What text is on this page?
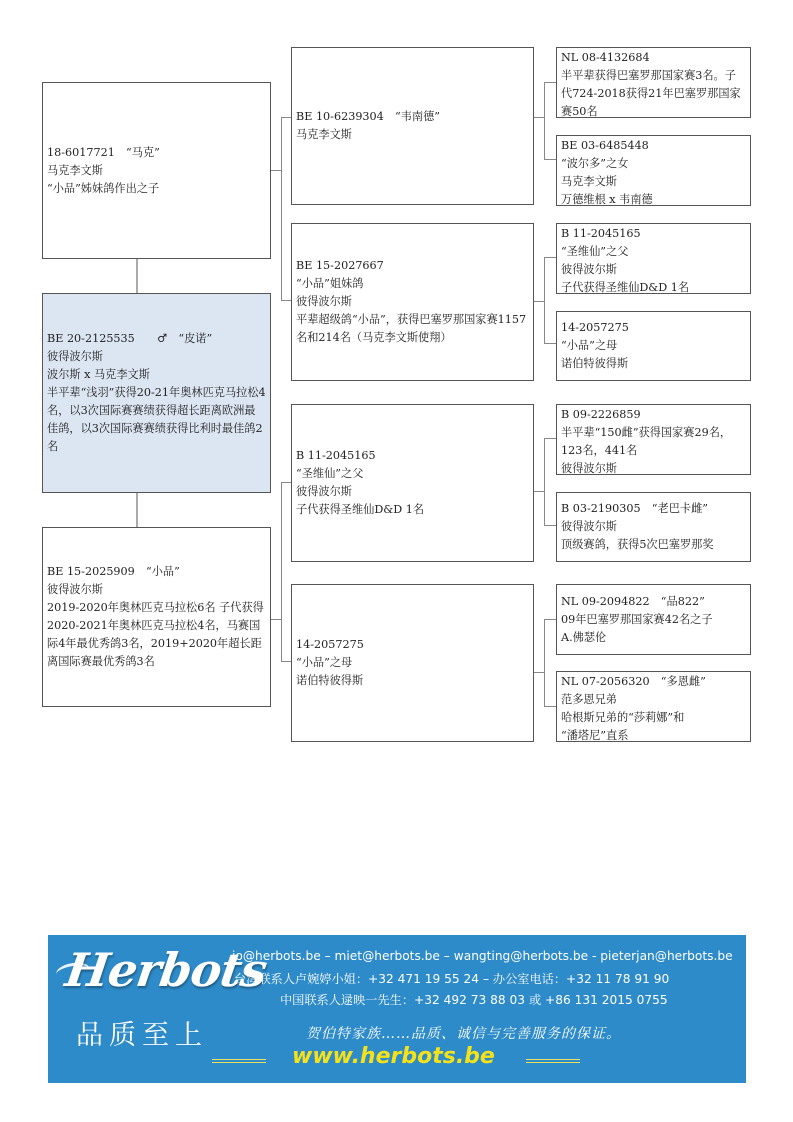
18-6017721　“马克”
马克李文斯
“小品”姊妹鸽作出之子
BE 20-2125535　　♂　“皮诺”
彼得波尔斯
波尔斯 x 马克李文斯
半平辈“浅羽”获得20-21年奥林匹克马拉松4名，以3次国际赛赛绩获得超长距离欧洲最佳鸽，以3次国际赛赛绩获得比利时最佳鸽2名
BE 15-2025909　“小品”
彼得波尔斯
2019-2020年奥林匹克马拉松6名 子代获得2020-2021年奥林匹克马拉松4名，马赛国际4年最优秀鸽3名，2019+2020年超长距离国际赛最优秀鸽3名
BE 10-6239304　“韦南德”
马克李文斯
BE 15-2027667
“小品”姐妹鸽
彼得波尔斯
平辈超级鸽“小品”，获得巴塞罗那国家赛1157名和214名（马克李文斯使翔）
B 11-2045165
“圣维仙”之父
彼得波尔斯
子代获得圣维仙D&D 1名
14-2057275
“小品”之母
诺伯特彼得斯
NL 08-4132684
半平辈获得巴塞罗那国家赛3名。子代724-2018获得21年巴塞罗那国家赛50名
BE 03-6485448
“波尔多”之女
马克李文斯
万德维根 x 韦南德
B 11-2045165
“圣维仙”之父
彼得波尔斯
子代获得圣维仙D&D 1名
14-2057275
“小品”之母
诺伯特彼得斯
B 09-2226859
半平辈“150雌”获得国家赛29名，123名，441名
彼得波尔斯
B 03-2190305　“老巴卡雌”
彼得波尔斯
顶级赛鸽，获得5次巴塞罗那奖
NL 09-2094822　“品822”
09年巴塞罗那国家赛42名之子
A.佛瑟伦
NL 07-2056320　“多恩雌”
范多恩兄弟
哈根斯兄弟的“莎莉娜”和
“潘塔尼”直系
Herbots
品质至上
jo@herbots.be – miet@herbots.be – wangting@herbots.be - pieterjan@herbots.be
台湾联系人卢婉婷小姐：+32 471 19 55 24 – 办公室电话：+32 11 78 91 90
中国联系人逯映一先生：+32 492 73 88 03 或 +86 131 2015 0755
贺伯特家族……品质、诚信与完善服务的保证。
www.herbots.be
